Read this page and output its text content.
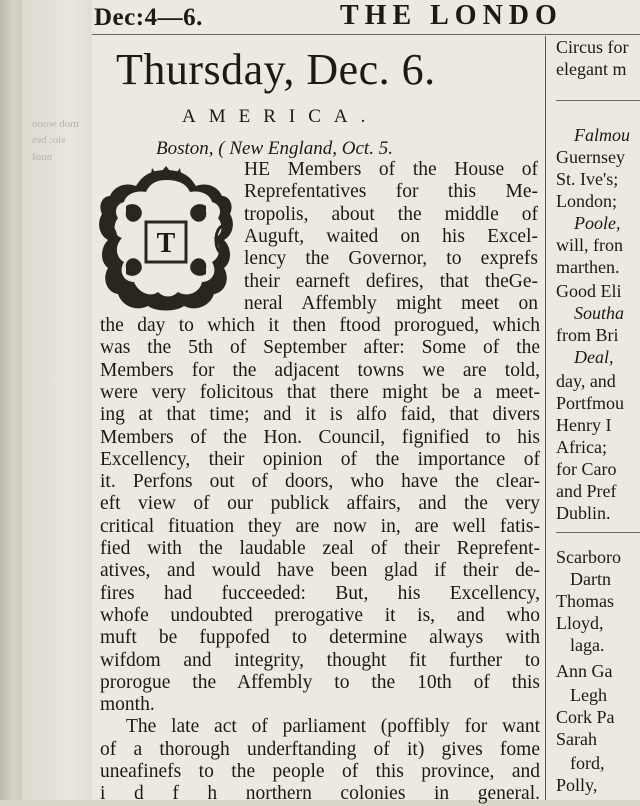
mob wooo
sio: bes
nuoΙ
Dec:4—6.	THE LONDO
Thursday, Dec. 6.
AMERICA.
Boston, ( New England, Oct. 5.
T
HE Members of the House of
Reprefentatives for this Me-
tropolis, about the middle of
Auguft, waited on his Excel-
lency the Governor, to exprefs
their earneft defires, that theGe-
neral Affembly might meet on
the day to which it then ftood prorogued, which
was the 5th of September after: Some of the
Members for the adjacent towns we are told,
were very folicitous that there might be a meet-
ing at that time; and it is alfo faid, that divers
Members of the Hon. Council, fignified to his
Excellency, their opinion of the importance of
it. Perfons out of doors, who have the clear-
eft view of our publick affairs, and the very
critical fituation they are now in, are well fatis-
fied with the laudable zeal of their Reprefent-
atives, and would have been glad if their de-
fires had fucceeded: But, his Excellency,
whofe undoubted prerogative it is, and who
muft be fuppofed to determine always with
wifdom and integrity, thought fit further to
prorogue the Affembly to the 10th of this
month.
The late act of parliament (poffibly for want
of a thorough underftanding of it) gives fome
uneafinefs to the people of this province, and
i d f h northern colonies in general.
Circus for
elegant m
Falmou
Guernsey
St. Ive's;
London;
Poole,
will, fron
marthen.
Good Eli
Southa
from Bri
Deal,
day, and
Portfmou
Henry I
Africa;
for Caro
and Pref
Dublin.
Scarboro
Dartn
Thomas
Lloyd,
laga.
Ann Ga
Legh
Cork Pa
Sarah
ford,
Polly,
